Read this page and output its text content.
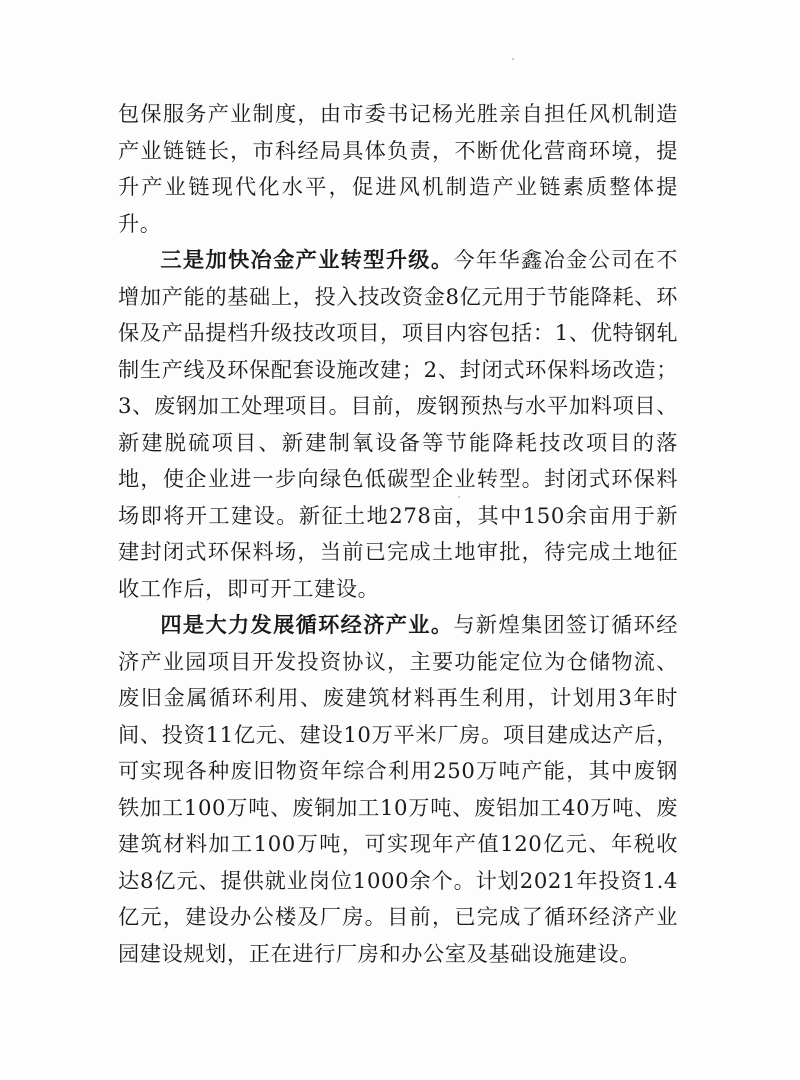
包保服务产业制度，由市委书记杨光胜亲自担任风机制造产业链链长，市科经局具体负责，不断优化营商环境，提升产业链现代化水平，促进风机制造产业链素质整体提升。

三是加快冶金产业转型升级。今年华鑫冶金公司在不增加产能的基础上，投入技改资金8亿元用于节能降耗、环保及产品提档升级技改项目，项目内容包括：1、优特钢轧制生产线及环保配套设施改建；2、封闭式环保料场改造；3、废钢加工处理项目。目前，废钢预热与水平加料项目、新建脱硫项目、新建制氧设备等节能降耗技改项目的落地，使企业进一步向绿色低碳型企业转型。封闭式环保料场即将开工建设。新征土地278亩，其中150余亩用于新建封闭式环保料场，当前已完成土地审批，待完成土地征收工作后，即可开工建设。

四是大力发展循环经济产业。与新煌集团签订循环经济产业园项目开发投资协议，主要功能定位为仓储物流、废旧金属循环利用、废建筑材料再生利用，计划用3年时间、投资11亿元、建设10万平米厂房。项目建成达产后，可实现各种废旧物资年综合利用250万吨产能，其中废钢铁加工100万吨、废铜加工10万吨、废铝加工40万吨、废建筑材料加工100万吨，可实现年产值120亿元、年税收达8亿元、提供就业岗位1000余个。计划2021年投资1.4亿元，建设办公楼及厂房。目前，已完成了循环经济产业园建设规划，正在进行厂房和办公室及基础设施建设。
